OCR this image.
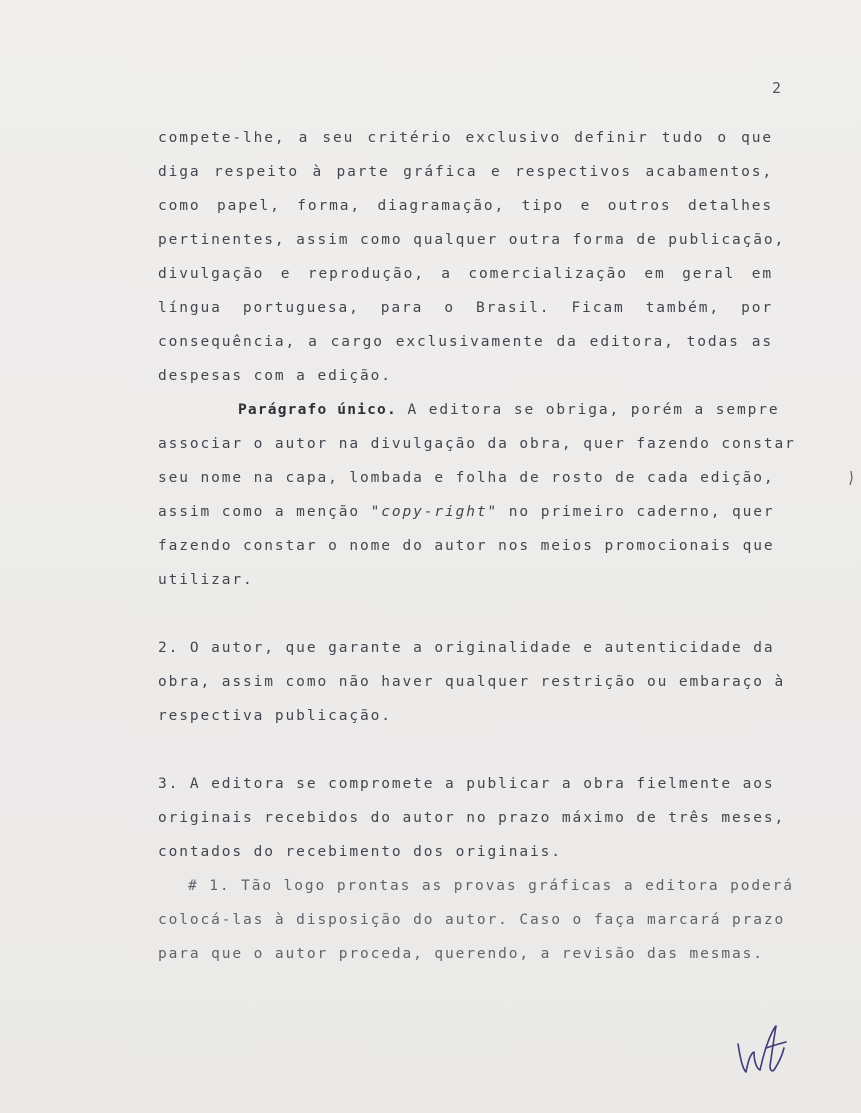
2
compete-lhe, a seu critério exclusivo definir tudo o que
diga respeito à parte gráfica e respectivos acabamentos,
como papel, forma, diagramação, tipo e outros detalhes
pertinentes, assim como qualquer outra forma de publicação,
divulgação e reprodução, a comercialização em geral em
língua portuguesa, para o Brasil. Ficam também, por
consequência, a cargo exclusivamente da editora, todas as
despesas com a edição.
Parágrafo único. A editora se obriga, porém a sempre
associar o autor na divulgação da obra, quer fazendo constar
seu nome na capa, lombada e folha de rosto de cada edição,
assim como a menção "copy-right" no primeiro caderno, quer
fazendo constar o nome do autor nos meios promocionais que
utilizar.
2. O autor, que garante a originalidade e autenticidade da
obra, assim como não haver qualquer restrição ou embaraço à
respectiva publicação.
3. A editora se compromete a publicar a obra fielmente aos
originais recebidos do autor no prazo máximo de três meses,
contados do recebimento dos originais.
# 1. Tão logo prontas as provas gráficas a editora poderá
colocá-las à disposição do autor. Caso o faça marcará prazo
para que o autor proceda, querendo, a revisão das mesmas.
